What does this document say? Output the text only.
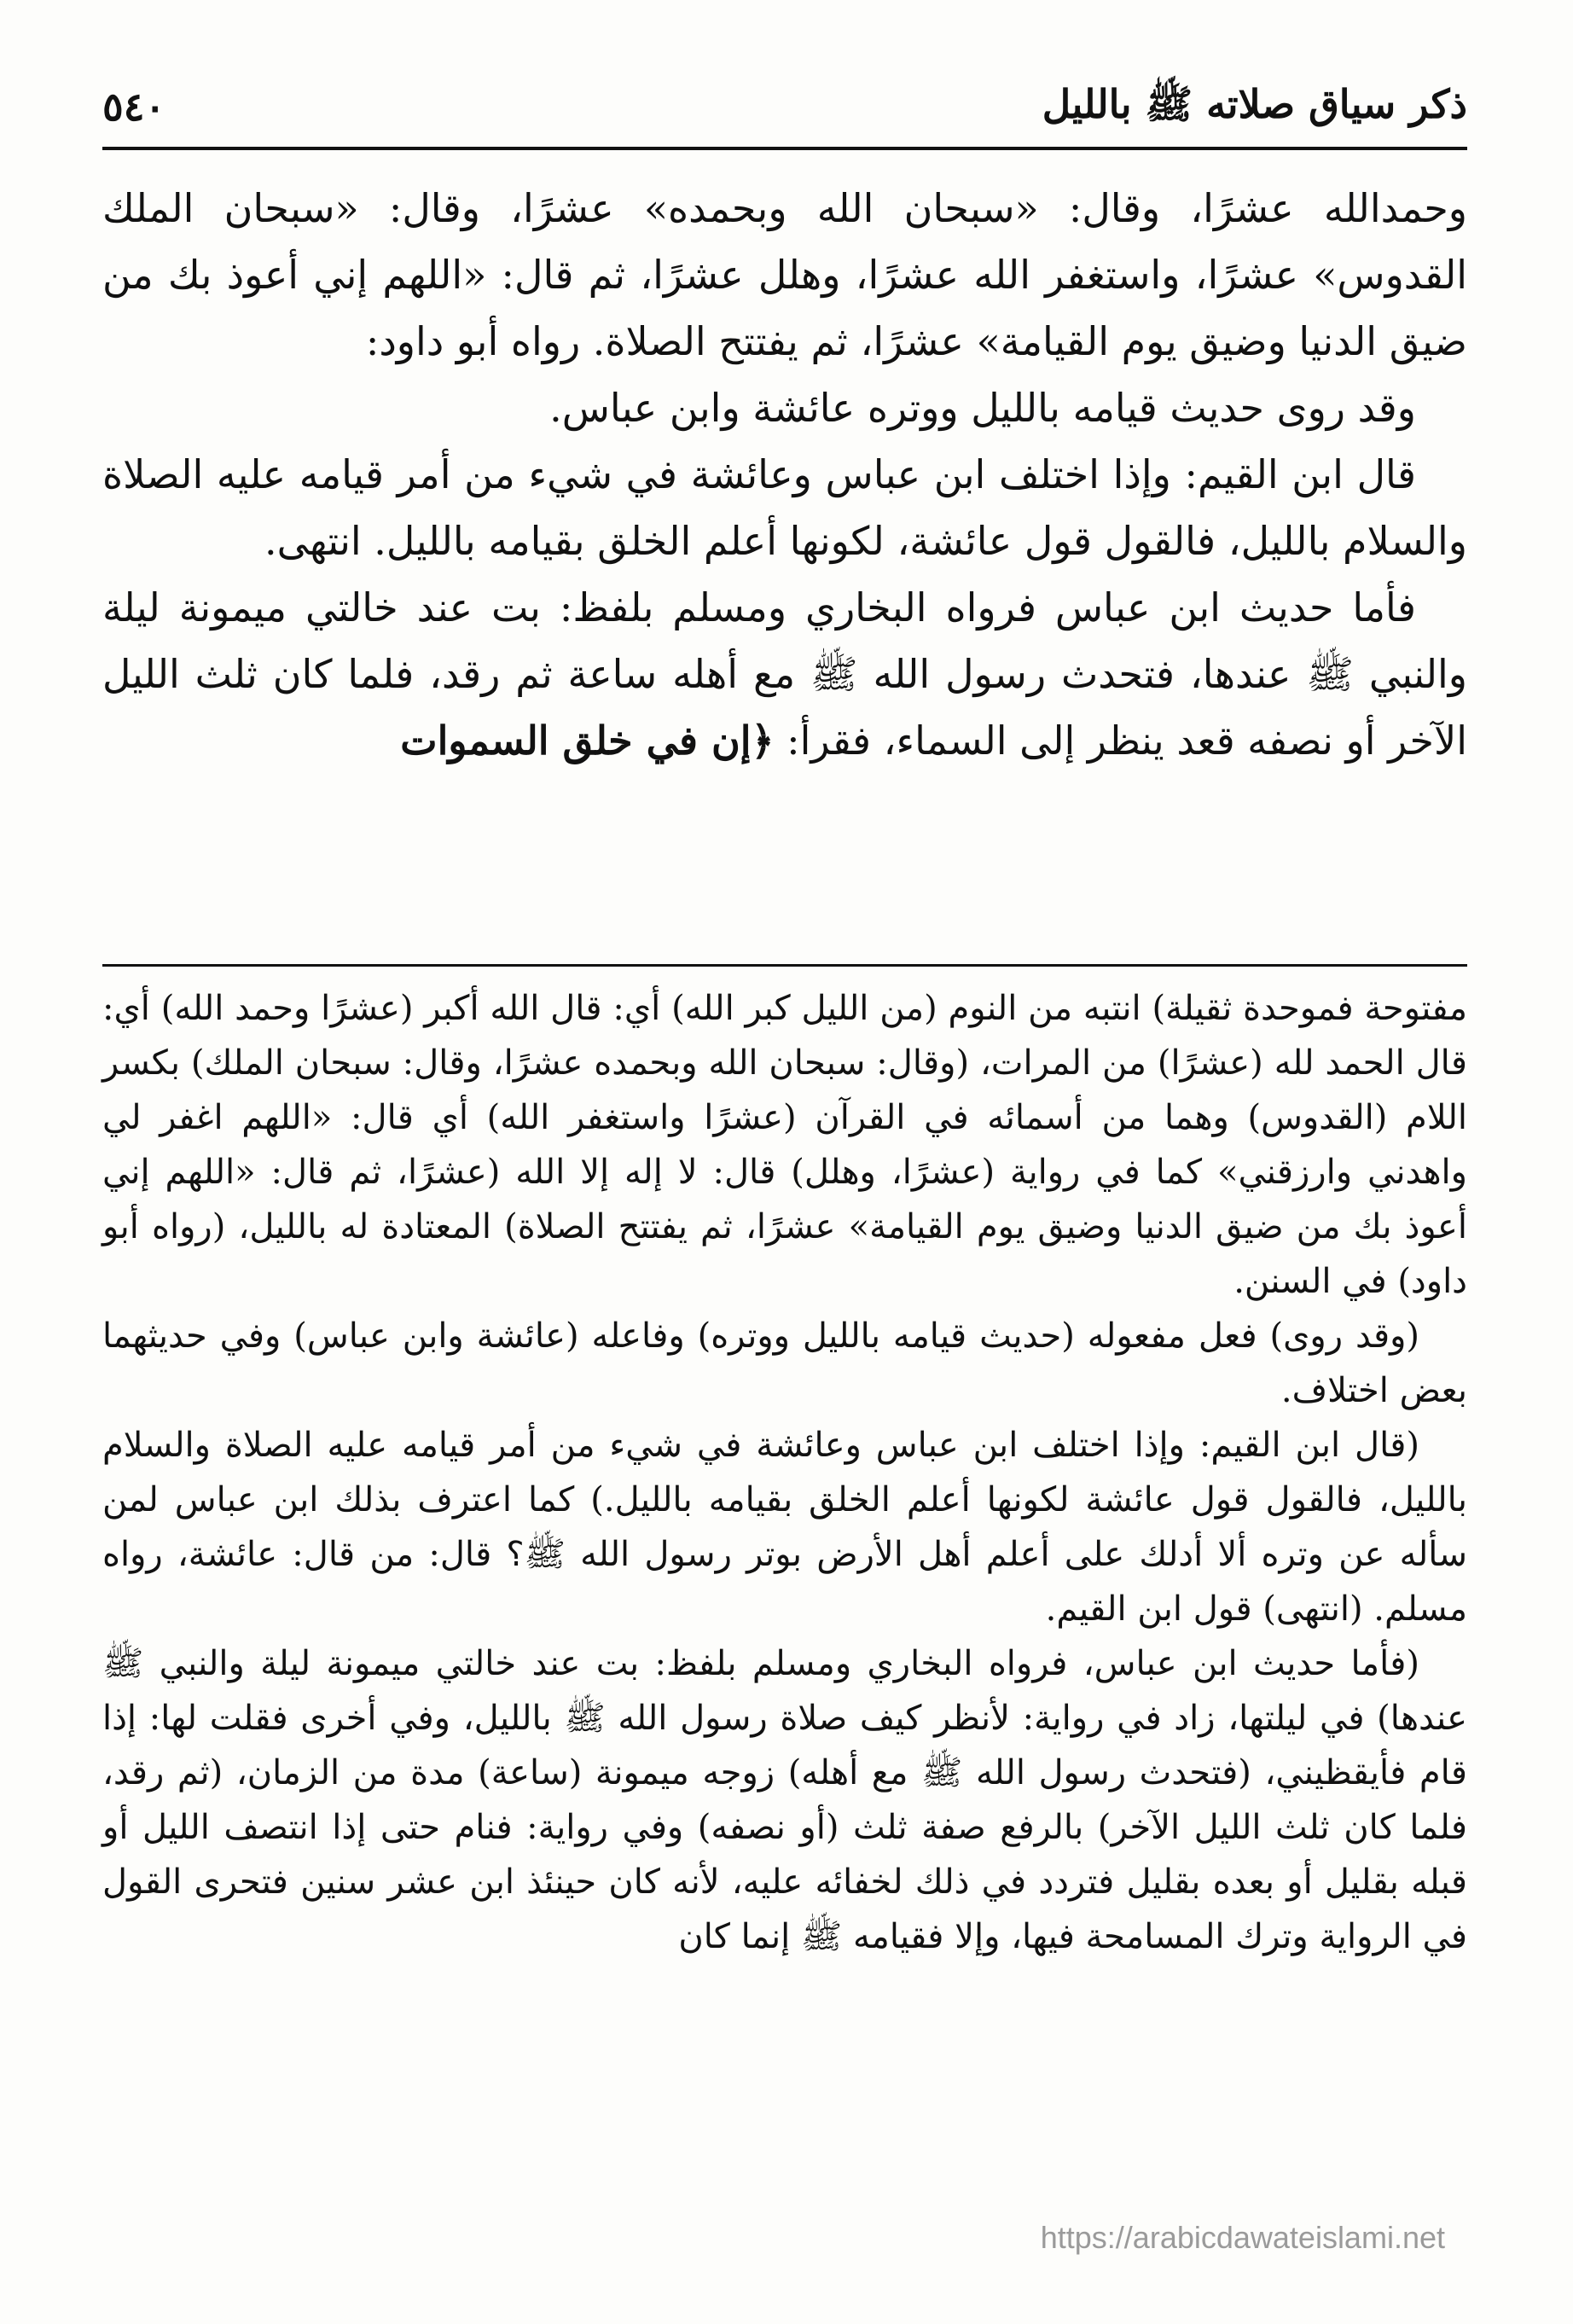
ذكر سياق صلاته ﷺ بالليل
٥٤٠

وحمدالله عشرًا، وقال: «سبحان الله وبحمده» عشرًا، وقال: «سبحان الملك القدوس» عشرًا، واستغفر الله عشرًا، وهلل عشرًا، ثم قال: «اللهم إني أعوذ بك من ضيق الدنيا وضيق يوم القيامة» عشرًا، ثم يفتتح الصلاة. رواه أبو داود:

وقد روى حديث قيامه بالليل ووتره عائشة وابن عباس.

قال ابن القيم: وإذا اختلف ابن عباس وعائشة في شيء من أمر قيامه عليه الصلاة والسلام بالليل، فالقول قول عائشة، لكونها أعلم الخلق بقيامه بالليل. انتهى.

فأما حديث ابن عباس فرواه البخاري ومسلم بلفظ: بت عند خالتي ميمونة ليلة والنبي ﷺ عندها، فتحدث رسول الله ﷺ مع أهله ساعة ثم رقد، فلما كان ثلث الليل الآخر أو نصفه قعد ينظر إلى السماء، فقرأ: ﴿إن في خلق السموات

مفتوحة فموحدة ثقيلة) انتبه من النوم (من الليل كبر الله) أي: قال الله أكبر (عشرًا وحمد الله) أي: قال الحمد لله (عشرًا) من المرات، (وقال: سبحان الله وبحمده عشرًا، وقال: سبحان الملك) بكسر اللام (القدوس) وهما من أسمائه في القرآن (عشرًا واستغفر الله) أي قال: «اللهم اغفر لي واهدني وارزقني» كما في رواية (عشرًا، وهلل) قال: لا إله إلا الله (عشرًا، ثم قال: «اللهم إني أعوذ بك من ضيق الدنيا وضيق يوم القيامة» عشرًا، ثم يفتتح الصلاة) المعتادة له بالليل، (رواه أبو داود) في السنن.

(وقد روى) فعل مفعوله (حديث قيامه بالليل ووتره) وفاعله (عائشة وابن عباس) وفي حديثهما بعض اختلاف.

(قال ابن القيم: وإذا اختلف ابن عباس وعائشة في شيء من أمر قيامه عليه الصلاة والسلام بالليل، فالقول قول عائشة لكونها أعلم الخلق بقيامه بالليل.) كما اعترف بذلك ابن عباس لمن سأله عن وتره ألا أدلك على أعلم أهل الأرض بوتر رسول الله ﷺ؟ قال: من قال: عائشة، رواه مسلم. (انتهى) قول ابن القيم.

(فأما حديث ابن عباس، فرواه البخاري ومسلم بلفظ: بت عند خالتي ميمونة ليلة والنبي ﷺ عندها) في ليلتها، زاد في رواية: لأنظر كيف صلاة رسول الله ﷺ بالليل، وفي أخرى فقلت لها: إذا قام فأيقظيني، (فتحدث رسول الله ﷺ مع أهله) زوجه ميمونة (ساعة) مدة من الزمان، (ثم رقد، فلما كان ثلث الليل الآخر) بالرفع صفة ثلث (أو نصفه) وفي رواية: فنام حتى إذا انتصف الليل أو قبله بقليل أو بعده بقليل فتردد في ذلك لخفائه عليه، لأنه كان حينئذ ابن عشر سنين فتحرى القول في الرواية وترك المسامحة فيها، وإلا فقيامه ﷺ إنما كان

https://arabicdawateislami.net
